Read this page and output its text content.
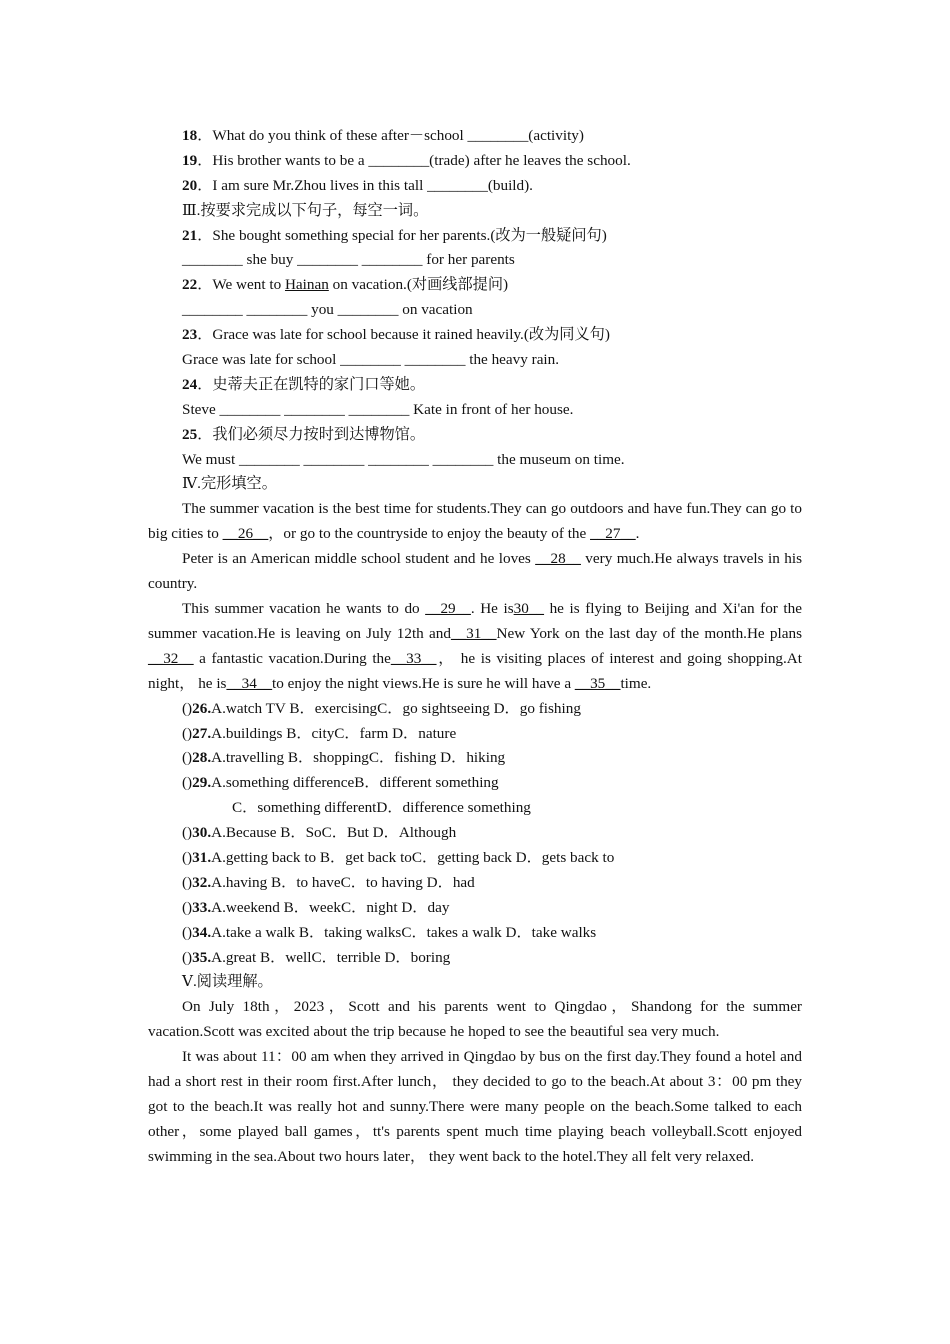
18．What do you think of these after－school ________(activity)
19．His brother wants to be a ________(trade) after he leaves the school.
20．I am sure Mr.Zhou lives in this tall ________(build).
Ⅲ.按要求完成以下句子，每空一词。
21．She bought something special for her parents.(改为一般疑问句)
________ she buy ________ ________ for her parents
22．We went to Hainan on vacation.(对画线部提问)
________ ________ you ________ on vacation
23．Grace was late for school because it rained heavily.(改为同义句)
Grace was late for school ________ ________ the heavy rain.
24．史蒂夫正在凯特的家门口等她。
Steve ________ ________ ________ Kate in front of her house.
25．我们必须尽力按时到达博物馆。
We must ________ ________ ________ ________ the museum on time.
Ⅳ.完形填空。
The summer vacation is the best time for students.They can go outdoors and have fun.They can go to big cities to __26__，or go to the countryside to enjoy the beauty of the __27__.
Peter is an American middle school student and he loves __28__ very much.He always travels in his country.
This summer vacation he wants to do __29__. He is30__ he is flying to Beijing and Xi'an for the summer vacation.He is leaving on July 12th and__31__New York on the last day of the month.He plans __32__ a fantastic vacation.During the__33__， he is visiting places of interest and going shopping.At night， he is__34__to enjoy the night views.He is sure he will have a __35__time.
()26.A.watch TV B．exercisingC．go sightseeing D．go fishing
()27.A.buildings B．cityC．farm D．nature
()28.A.travelling B．shoppingC．fishing D．hiking
()29.A.something differenceB．different something
C．something differentD．difference something
()30.A.Because B．SoC．But D．Although
()31.A.getting back to B．get back toC．getting back D．gets back to
()32.A.having B．to haveC．to having D．had
()33.A.weekend B．weekC．night D．day
()34.A.take a walk B．taking walksC．takes a walk D．take walks
()35.A.great B．wellC．terrible D．boring
Ⅴ.阅读理解。
On July 18th，2023，Scott and his parents went to Qingdao，Shandong for the summer vacation.Scott was excited about the trip because he hoped to see the beautiful sea very much.
It was about 11：00 am when they arrived in Qingdao by bus on the first day.They found a hotel and had a short rest in their room first.After lunch， they decided to go to the beach.At about 3：00 pm they got to the beach.It was really hot and sunny.There were many people on the beach.Some talked to each other，some played ball games，tt's parents spent much time playing beach volleyball.Scott enjoyed swimming in the sea.About two hours later， they went back to the hotel.They all felt very relaxed.
